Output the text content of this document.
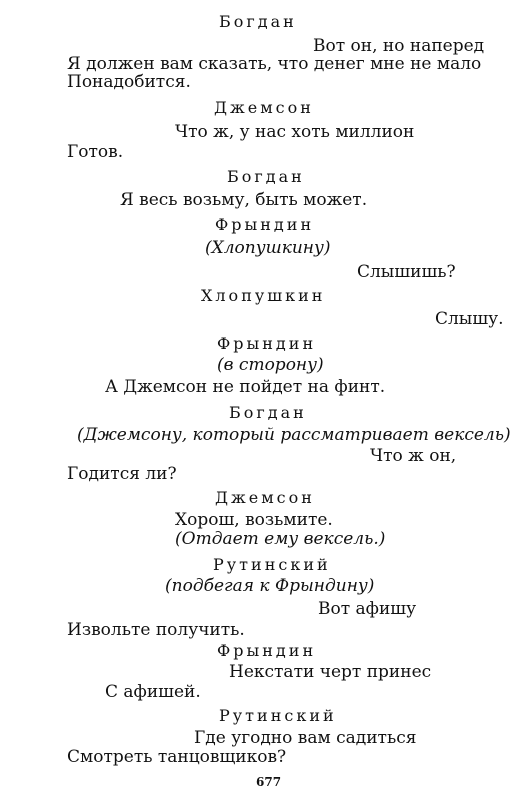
Богдан
Вот он, но наперед
Я должен вам сказать, что денег мне не мало
Понадобится.
Джемсон
Что ж, у нас хоть миллион
Готов.
Богдан
Я весь возьму, быть может.
Фрындин
(Хлопушкину)
Слышишь?
Хлопушкин
Слышу.
Фрындин
(в сторону)
А Джемсон не пойдет на финт.
Богдан
(Джемсону, который рассматривает вексель)
Что ж он,
Годится ли?
Джемсон
Хорош, возьмите.
(Отдает ему вексель.)
Рутинский
(подбегая к Фрындину)
Вот афишу
Извольте получить.
Фрындин
Некстати черт принес
С афишей.
Рутинский
Где угодно вам садиться
Смотреть танцовщиков?
677
